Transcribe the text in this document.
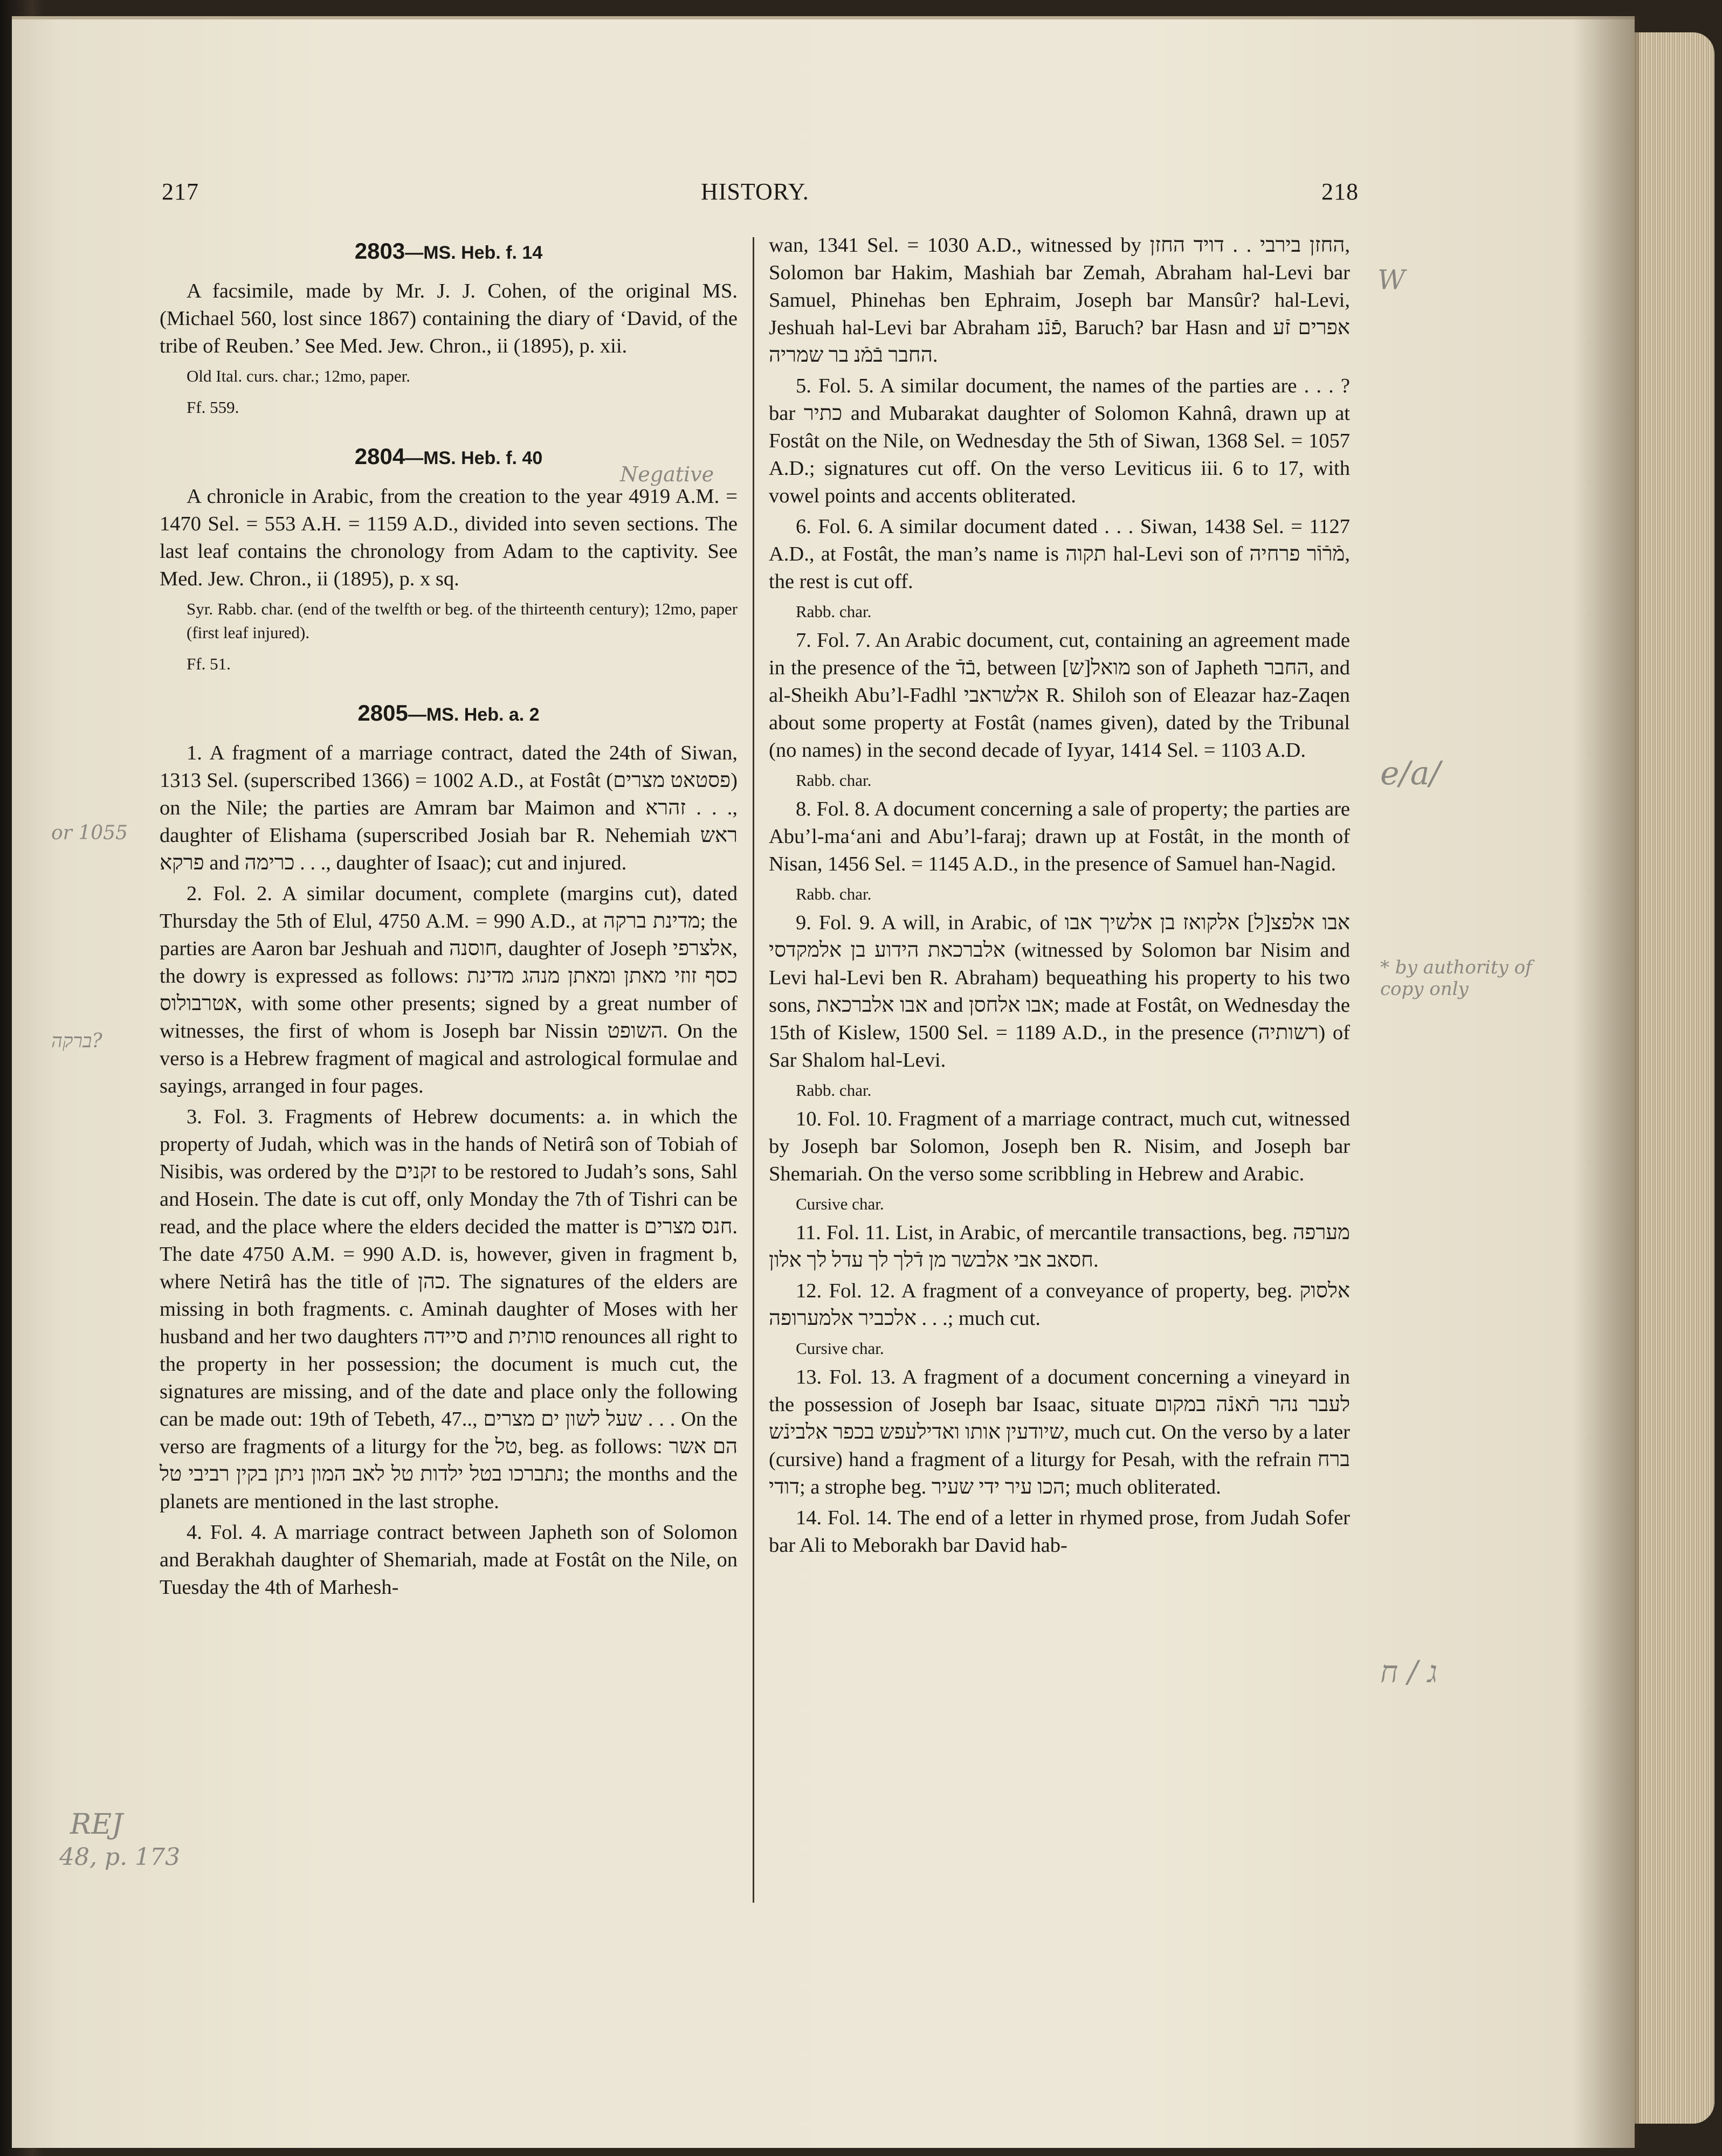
217	HISTORY.	218
2803—MS. Heb. f. 14

A facsimile, made by Mr. J. J. Cohen, of the original MS. (Michael 560, lost since 1867) containing the diary of ‘David, of the tribe of Reuben.’ See Med. Jew. Chron., ii (1895), p. xii.

Old Ital. curs. char.; 12mo, paper.

Ff. 559.

2804—MS. Heb. f. 40

A chronicle in Arabic, from the creation to the year 4919 A.M. = 1470 Sel. = 553 A.H. = 1159 A.D., divided into seven sections. The last leaf contains the chronology from Adam to the captivity. See Med. Jew. Chron., ii (1895), p. x sq.

Syr. Rabb. char. (end of the twelfth or beg. of the thirteenth century); 12mo, paper (first leaf injured).

Ff. 51.

2805—MS. Heb. a. 2

1. A fragment of a marriage contract, dated the 24th of Siwan, 1313 Sel. (superscribed 1366) = 1002 A.D., at Fostât (פסטאט מצרים) on the Nile; the parties are Amram bar Maimon and זהרא . . ., daughter of Elishama (superscribed Josiah bar R. Nehemiah ראש פרקא and כרימה . . ., daughter of Isaac); cut and injured.

2. Fol. 2. A similar document, complete (margins cut), dated Thursday the 5th of Elul, 4750 A.M. = 990 A.D., at מדינת ברקה; the parties are Aaron bar Jeshuah and חוסנה, daughter of Joseph אלצרפי, the dowry is expressed as follows: כסף זוזי מאתן ומאתן מנהג מדינת אטרבולוס, with some other presents; signed by a great number of witnesses, the first of whom is Joseph bar Nissin השופט. On the verso is a Hebrew fragment of magical and astrological formulae and sayings, arranged in four pages.

3. Fol. 3. Fragments of Hebrew documents: a. in which the property of Judah, which was in the hands of Netirâ son of Tobiah of Nisibis, was ordered by the זקנים to be restored to Judah’s sons, Sahl and Hosein. The date is cut off, only Monday the 7th of Tishri can be read, and the place where the elders decided the matter is חנס מצרים. The date 4750 A.M. = 990 A.D. is, however, given in fragment b, where Netirâ has the title of כהן. The signatures of the elders are missing in both fragments. c. Aminah daughter of Moses with her husband and her two daughters סיידה and סותית renounces all right to the property in her possession; the document is much cut, the signatures are missing, and of the date and place only the following can be made out: 19th of Tebeth, 47.., שעל לשון ים מצרים . . . On the verso are fragments of a liturgy for the טל, beg. as follows: הם אשר נתברכו בטל ילדות טל לאב המון ניתן בקין רביבי טל; the months and the planets are mentioned in the last strophe.

4. Fol. 4. A marriage contract between Japheth son of Solomon and Berakhah daughter of Shemariah, made at Fostât on the Nile, on Tuesday the 4th of Marhesh-

wan, 1341 Sel. = 1030 A.D., witnessed by החזן בירבי . . דויד החזן, Solomon bar Hakim, Mashiah bar Zemah, Abraham hal-Levi bar Samuel, Phinehas ben Ephraim, Joseph bar Mansûr? hal-Levi, Jeshuah hal-Levi bar Abraham פֿנֿנ, Baruch? bar Hasn and אפרים זֿע החבר בֿמֿנ בר שמריה.

5. Fol. 5. A similar document, the names of the parties are . . . ? bar כתיר and Mubarakat daughter of Solomon Kahnâ, drawn up at Fostât on the Nile, on Wednesday the 5th of Siwan, 1368 Sel. = 1057 A.D.; signatures cut off. On the verso Leviticus iii. 6 to 17, with vowel points and accents obliterated.

6. Fol. 6. A similar document dated . . . Siwan, 1438 Sel. = 1127 A.D., at Fostât, the man’s name is תקוה hal-Levi son of מֿרֿוֿר פרחיה, the rest is cut off.

Rabb. char.

7. Fol. 7. An Arabic document, cut, containing an agreement made in the presence of the בֿדֿ, between [ש]מואל son of Japheth החבר, and al-Sheikh Abu’l-Fadhl אלשראבי R. Shiloh son of Eleazar haz-Zaqen about some property at Fostât (names given), dated by the Tribunal (no names) in the second decade of Iyyar, 1414 Sel. = 1103 A.D.

Rabb. char.

8. Fol. 8. A document concerning a sale of property; the parties are Abu’l-ma‘ani and Abu’l-faraj; drawn up at Fostât, in the month of Nisan, 1456 Sel. = 1145 A.D., in the presence of Samuel han-Nagid.

Rabb. char.

9. Fol. 9. A will, in Arabic, of אבו אלפצ[ל] אלקואז בן אלשיך אבו אלברכאת הידוע בן אלמקדסי (witnessed by Solomon bar Nisim and Levi hal-Levi ben R. Abraham) bequeathing his property to his two sons, אבו אלברכאת and אבו אלחסן; made at Fostât, on Wednesday the 15th of Kislew, 1500 Sel. = 1189 A.D., in the presence (רשותיה) of Sar Shalom hal-Levi.

Rabb. char.

10. Fol. 10. Fragment of a marriage contract, much cut, witnessed by Joseph bar Solomon, Joseph ben R. Nisim, and Joseph bar Shemariah. On the verso some scribbling in Hebrew and Arabic.

Cursive char.

11. Fol. 11. List, in Arabic, of mercantile transactions, beg. מערפה חסאב אבי אלבשר מן דֿלך לך עדל לך אלון.

12. Fol. 12. A fragment of a conveyance of property, beg. אלסוק אלכביר אלמערופה . . .; much cut.

Cursive char.

13. Fol. 13. A fragment of a document concerning a vineyard in the possession of Joseph bar Isaac, situate לעבר נהר תֿאנֿה במקום שיודעין אותו ואדילעפש בכפר אלבינֿש, much cut. On the verso by a later (cursive) hand a fragment of a liturgy for Pesah, with the refrain ברח דודי; a strophe beg. הכו עיר ידי שעיר; much obliterated.

14. Fol. 14. The end of a letter in rhymed prose, from Judah Sofer bar Ali to Meborakh bar David hab-

Negative
or 1055
ברקה?
REJ
48, p. 173
W
e/a/
* by authority of copy only
ג / ח
